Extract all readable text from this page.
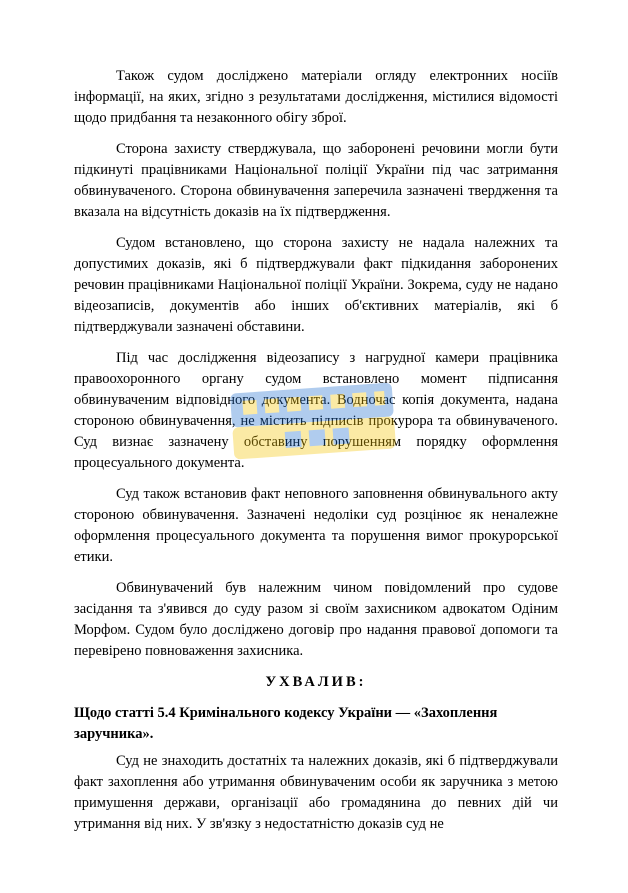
Також судом досліджено матеріали огляду електронних носіїв інформації, на яких, згідно з результатами дослідження, містилися відомості щодо придбання та незаконного обігу зброї.

Сторона захисту стверджувала, що заборонені речовини могли бути підкинуті працівниками Національної поліції України під час затримання обвинуваченого. Сторона обвинувачення заперечила зазначені твердження та вказала на відсутність доказів на їх підтвердження.

Судом встановлено, що сторона захисту не надала належних та допустимих доказів, які б підтверджували факт підкидання заборонених речовин працівниками Національної поліції України. Зокрема, суду не надано відеозаписів, документів або інших об'єктивних матеріалів, які б підтверджували зазначені обставини.

Під час дослідження відеозапису з нагрудної камери працівника правоохоронного органу судом встановлено момент підписання обвинуваченим відповідного документа. Водночас копія документа, надана стороною обвинувачення, не містить підписів прокурора та обвинуваченого. Суд визнає зазначену обставину порушенням порядку оформлення процесуального документа.

Суд також встановив факт неповного заповнення обвинувального акту стороною обвинувачення. Зазначені недоліки суд розцінює як неналежне оформлення процесуального документа та порушення вимог прокурорської етики.

Обвинувачений був належним чином повідомлений про судове засідання та з'явився до суду разом зі своїм захисником адвокатом Одіним Морфом. Судом було досліджено договір про надання правової допомоги та перевірено повноваження захисника.

УХВАЛИВ:

Щодо статті 5.4 Кримінального кодексу України — «Захоплення заручника».

Суд не знаходить достатніх та належних доказів, які б підтверджували факт захоплення або утримання обвинуваченим особи як заручника з метою примушення держави, організації або громадянина до певних дій чи утримання від них. У зв'язку з недостатністю доказів суд не
